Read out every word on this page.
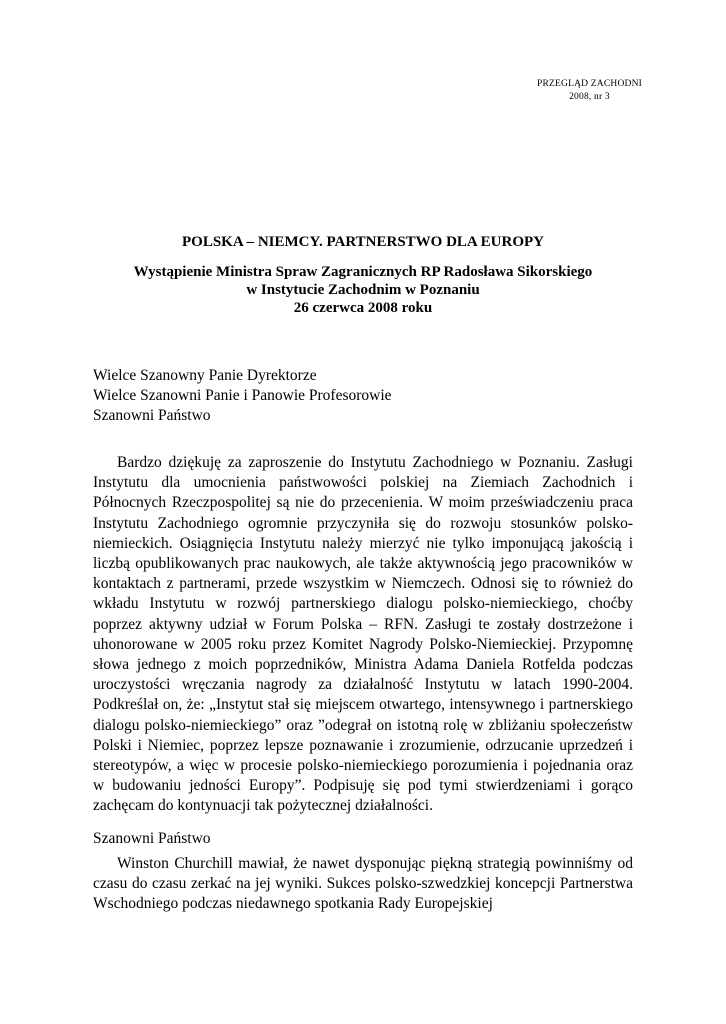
PRZEGLĄD ZACHODNI
2008, nr 3
POLSKA – NIEMCY. PARTNERSTWO DLA EUROPY
Wystąpienie Ministra Spraw Zagranicznych RP Radosława Sikorskiego
w Instytucie Zachodnim w Poznaniu
26 czerwca 2008 roku
Wielce Szanowny Panie Dyrektorze
Wielce Szanowni Panie i Panowie Profesorowie
Szanowni Państwo

Bardzo dziękuję za zaproszenie do Instytutu Zachodniego w Poznaniu. Zasługi Instytutu dla umocnienia państwowości polskiej na Ziemiach Zachodnich i Północnych Rzeczpospolitej są nie do przecenienia. W moim przeświadczeniu praca Instytutu Zachodniego ogromnie przyczyniła się do rozwoju stosunków polsko-niemieckich. Osiągnięcia Instytutu należy mierzyć nie tylko imponującą jakością i liczbą opublikowanych prac naukowych, ale także aktywnością jego pracowników w kontaktach z partnerami, przede wszystkim w Niemczech. Odnosi się to również do wkładu Instytutu w rozwój partnerskiego dialogu polsko-niemieckiego, choćby poprzez aktywny udział w Forum Polska – RFN. Zasługi te zostały dostrzeżone i uhonorowane w 2005 roku przez Komitet Nagrody Polsko-Niemieckiej. Przypomnę słowa jednego z moich poprzedników, Ministra Adama Daniela Rotfelda podczas uroczystości wręczania nagrody za działalność Instytutu w latach 1990-2004. Podkreślał on, że: „Instytut stał się miejscem otwartego, intensywnego i partnerskiego dialogu polsko-niemieckiego” oraz ”odegrał on istotną rolę w zbliżaniu społeczeństw Polski i Niemiec, poprzez lepsze poznawanie i zrozumienie, odrzucanie uprzedzeń i stereotypów, a więc w procesie polsko-niemieckiego porozumienia i pojednania oraz w budowaniu jedności Europy”. Podpisuję się pod tymi stwierdzeniami i gorąco zachęcam do kontynuacji tak pożytecznej działalności.

Szanowni Państwo

Winston Churchill mawiał, że nawet dysponując piękną strategią powinniśmy od czasu do czasu zerkać na jej wyniki. Sukces polsko-szwedzkiej koncepcji Partnerstwa Wschodniego podczas niedawnego spotkania Rady Europejskiej
